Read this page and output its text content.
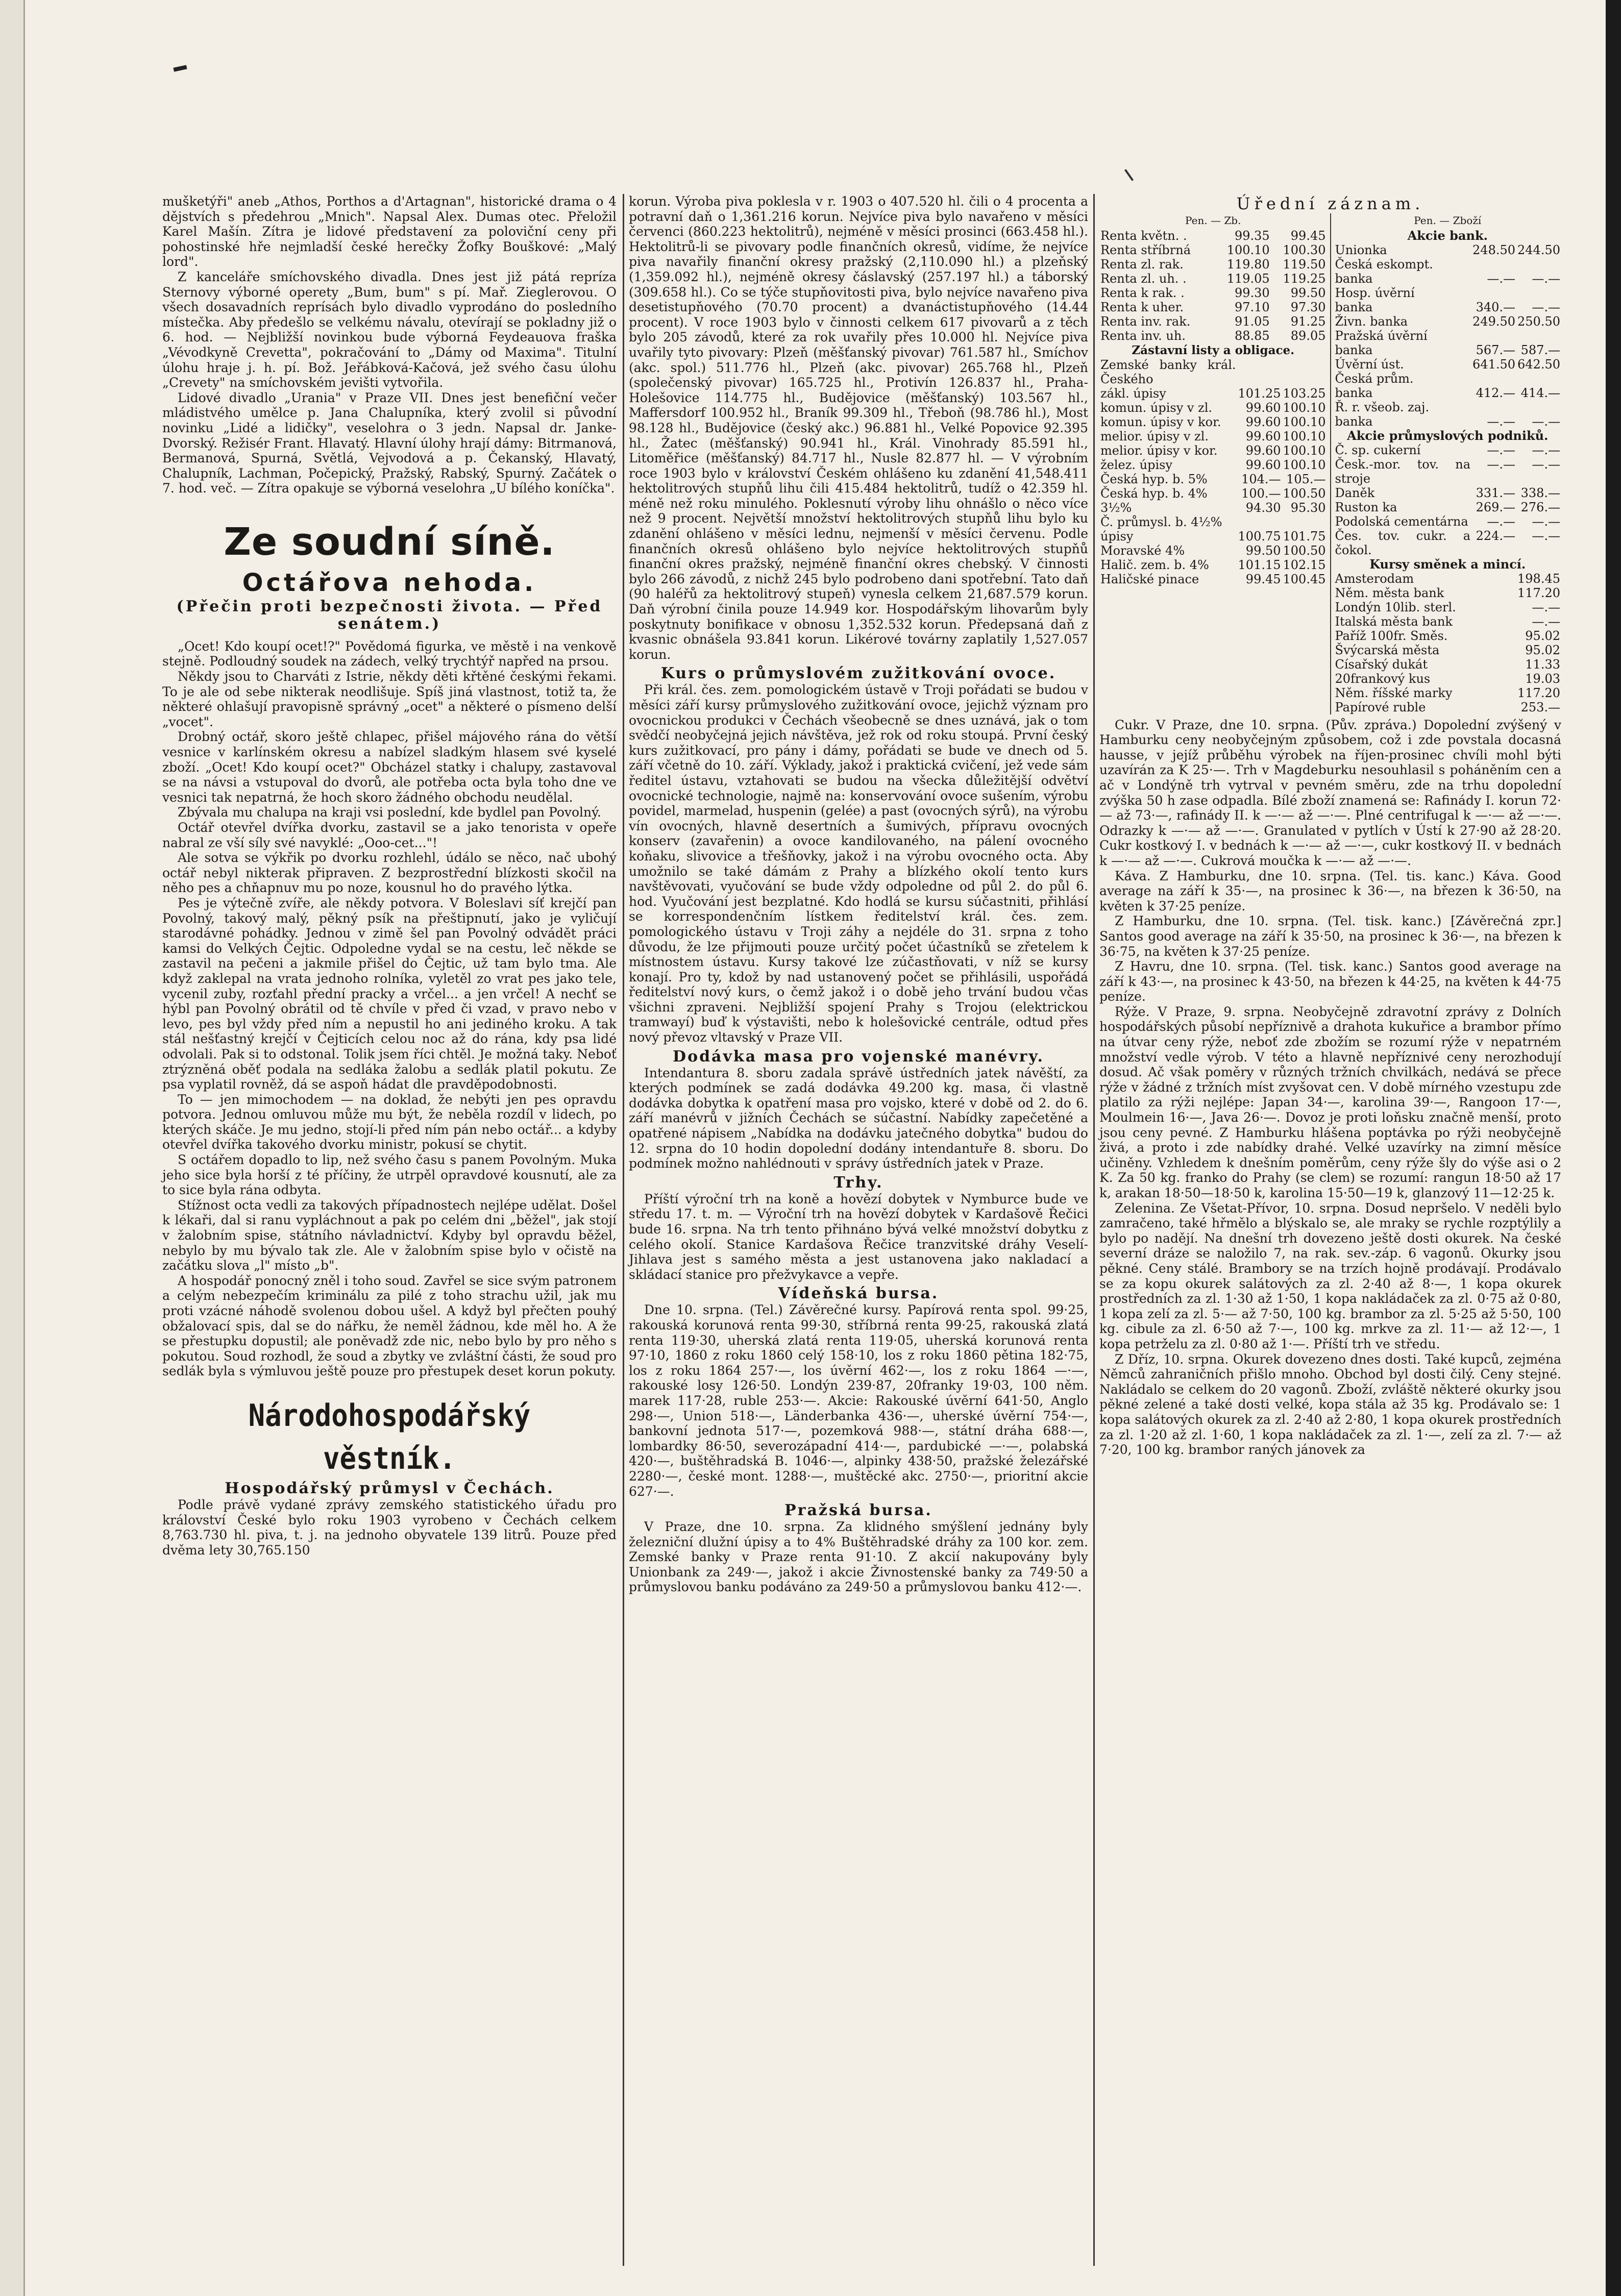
mušketýři" aneb „Athos, Porthos a d'Artagnan", historické drama o 4 dějstvích s předehrou „Mnich". Napsal Alex. Dumas otec. Přeložil Karel Mašín. Zítra je lidové představení za poloviční ceny při pohostinské hře nejmladší české herečky Žofky Bouškové: „Malý lord".

Z kanceláře smíchovského divadla. Dnes jest již pátá repríza Sternovy výborné operety „Bum, bum" s pí. Mař. Zieglerovou. O všech dosavadních reprísách bylo divadlo vyprodáno do posledního místečka. Aby předešlo se velkému návalu, otevírají se pokladny již o 6. hod. — Nejbližší novinkou bude výborná Feydeauova fraška „Vévodkyně Crevetta", pokračování to „Dámy od Maxima". Titulní úlohu hraje j. h. pí. Bož. Jeřábková-Kačová, jež svého času úlohu „Crevety" na smíchovském jevišti vytvořila.

Lidové divadlo „Urania" v Praze VII. Dnes jest benefiční večer mládistvého umělce p. Jana Chalupníka, který zvolil si původní novinku „Lidé a lidičky", veselohra o 3 jedn. Napsal dr. Janke-Dvorský. Režisér Frant. Hlavatý. Hlavní úlohy hrají dámy: Bitrmanová, Bermanová, Spurná, Světlá, Vejvodová a p. Čekanský, Hlavatý, Chalupník, Lachman, Počepický, Pražský, Rabský, Spurný. Začátek o 7. hod. več. — Zítra opakuje se výborná veselohra „U bílého koníčka".

Ze soudní síně.
Octářova nehoda.
(Přečin proti bezpečnosti života. — Před senátem.)

„Ocet! Kdo koupí ocet!?" Povědomá figurka, ve městě i na venkově stejně. Podloudný soudek na zádech, velký trychtýř napřed na prsou.

Někdy jsou to Charváti z Istrie, někdy děti křtěné českými řekami. To je ale od sebe nikterak neodlišuje. Spíš jiná vlastnost, totiž ta, že některé ohlašují pravopisně správný „ocet" a některé o písmeno delší „vocet".

Drobný octář, skoro ještě chlapec, přišel májového rána do větší vesnice v karlínském okresu a nabízel sladkým hlasem své kyselé zboží. „Ocet! Kdo koupí ocet?" Obcházel statky i chalupy, zastavoval se na návsi a vstupoval do dvorů, ale potřeba octa byla toho dne ve vesnici tak nepatrná, že hoch skoro žádného obchodu neudělal.

Zbývala mu chalupa na kraji vsi poslední, kde bydlel pan Povolný.

Octář otevřel dvířka dvorku, zastavil se a jako tenorista v opeře nabral ze vší síly své navyklé: „Ooo-cet..."!

Ale sotva se výkřik po dvorku rozhlehl, údálo se něco, nač ubohý octář nebyl nikterak připraven. Z bezprostřední blízkosti skočil na něho pes a chňapnuv mu po noze, kousnul ho do pravého lýtka.

Pes je výtečně zvíře, ale někdy potvora. V Boleslavi síť krejčí pan Povolný, takový malý, pěkný psík na přeštipnutí, jako je vyličují starodávné pohádky. Jednou v zimě šel pan Povolný odvádět práci kamsi do Velkých Čejtic. Odpoledne vydal se na cestu, leč někde se zastavil na pečeni a jakmile přišel do Čejtic, už tam bylo tma. Ale když zaklepal na vrata jednoho rolníka, vyletěl zo vrat pes jako tele, vycenil zuby, rozťahl přední pracky a vrčel... a jen vrčel! A nechť se hýbl pan Povolný obrátil od tě chvíle v před či vzad, v pravo nebo v levo, pes byl vždy před ním a nepustil ho ani jediného kroku. A tak stál nešťastný krejčí v Čejticích celou noc až do rána, kdy psa lidé odvolali. Pak si to odstonal. Tolik jsem říci chtěl. Je možná taky. Neboť ztrýzněná oběť podala na sedláka žalobu a sedlák platil pokutu. Ze psa vyplatil rovněž, dá se aspoň hádat dle pravděpodobnosti.

To — jen mimochodem — na doklad, že nebýti jen pes opravdu potvora. Jednou omluvou může mu být, že neběla rozdíl v lidech, po kterých skáče. Je mu jedno, stojí-li před ním pán nebo octář... a kdyby otevřel dvířka takového dvorku ministr, pokusí se chytit.

S octářem dopadlo to lip, než svého času s panem Povolným. Muka jeho sice byla horší z té příčiny, že utrpěl opravdové kousnutí, ale za to sice byla rána odbyta.

Stížnost octa vedli za takových případnostech nejlépe udělat. Došel k lékaři, dal si ranu vypláchnout a pak po celém dni „běžel", jak stojí v žalobním spise, státního návladnictví. Kdyby byl opravdu běžel, nebylo by mu bývalo tak zle. Ale v žalobním spise bylo v očistě na začátku slova „l" místo „b".

A hospodář ponocný zněl i toho soud. Zavřel se sice svým patronem a celým nebezpečím kriminálu za pilé z toho strachu užil, jak mu proti vzácné náhodě svolenou dobou ušel. A když byl přečten pouhý obžalovací spis, dal se do nářku, že neměl žádnou, kde měl ho. A že se přestupku dopustil; ale poněvadž zde nic, nebo bylo by pro něho s pokutou. Soud rozhodl, že soud a zbytky ve zvláštní části, že soud pro sedlák byla s výmluvou ještě pouze pro přestupek deset korun pokuty.

Národohospodářský věstník.
Hospodářský průmysl v Čechách.

Podle právě vydané zprávy zemského statistického úřadu pro království České bylo roku 1903 vyrobeno v Čechách celkem 8,763.730 hl. piva, t. j. na jednoho obyvatele 139 litrů. Pouze před dvěma lety 30,765.150

korun. Výroba piva poklesla v r. 1903 o 407.520 hl. čili o 4 procenta a potravní daň o 1,361.216 korun. Nejvíce piva bylo navařeno v měsíci červenci (860.223 hektolitrů), nejméně v měsíci prosinci (663.458 hl.). Hektolitrů-li se pivovary podle finančních okresů, vidíme, že nejvíce piva navařily finanční okresy pražský (2,110.090 hl.) a plzeňský (1,359.092 hl.), nejméně okresy čáslavský (257.197 hl.) a táborský (309.658 hl.). Co se týče stupňovitosti piva, bylo nejvíce navařeno piva desetistupňového (70.70 procent) a dvanáctistupňového (14.44 procent). V roce 1903 bylo v činnosti celkem 617 pivovarů a z těch bylo 205 závodů, které za rok uvařily přes 10.000 hl. Nejvíce piva uvařily tyto pivovary: Plzeň (měšťanský pivovar) 761.587 hl., Smíchov (akc. spol.) 511.776 hl., Plzeň (akc. pivovar) 265.768 hl., Plzeň (společenský pivovar) 165.725 hl., Protivín 126.837 hl., Praha-Holešovice 114.775 hl., Budějovice (měšťanský) 103.567 hl., Maffersdorf 100.952 hl., Braník 99.309 hl., Třeboň (98.786 hl.), Most 98.128 hl., Budějovice (český akc.) 96.881 hl., Velké Popovice 92.395 hl., Žatec (měšťanský) 90.941 hl., Král. Vinohrady 85.591 hl., Litoměřice (měšťanský) 84.717 hl., Nusle 82.877 hl. — V výrobním roce 1903 bylo v království Českém ohlášeno ku zdanění 41,548.411 hektolitrových stupňů lihu čili 415.484 hektolitrů, tudíž o 42.359 hl. méně než roku minulého. Poklesnutí výroby lihu ohnášlo o něco více než 9 procent. Největší množství hektolitrových stupňů lihu bylo ku zdanění ohlášeno v měsíci lednu, nejmenší v měsíci červenu. Podle finančních okresů ohlášeno bylo nejvíce hektolitrových stupňů finanční okres pražský, nejméně finanční okres chebský. V činnosti bylo 266 závodů, z nichž 245 bylo podrobeno dani spotřební. Tato daň (90 haléřů za hektolitrový stupeň) vynesla celkem 21,687.579 korun. Daň výrobní činila pouze 14.949 kor. Hospodářským lihovarům byly poskytnuty bonifikace v obnosu 1,352.532 korun. Předepsaná daň z kvasnic obnášela 93.841 korun. Likérové továrny zaplatily 1,527.057 korun.

Kurs o průmyslovém zužitkování ovoce.

Při král. čes. zem. pomologickém ústavě v Troji pořádati se budou v měsíci září kursy průmyslového zužitkování ovoce, jejichž význam pro ovocnickou produkci v Čechách všeobecně se dnes uznává, jak o tom svědčí neobyčejná jejich návštěva, jež rok od roku stoupá. První český kurs zužitkovací, pro pány i dámy, pořádati se bude ve dnech od 5. září včetně do 10. září. Výklady, jakož i praktická cvičení, jež vede sám ředitel ústavu, vztahovati se budou na všecka důležitější odvětví ovocnické technologie, najmě na: konservování ovoce sušením, výrobu povidel, marmelad, huspenin (gelée) a past (ovocných sýrů), na výrobu vín ovocných, hlavně desertních a šumivých, přípravu ovocných konserv (zavařenin) a ovoce kandilovaného, na pálení ovocného koňaku, slivovice a třešňovky, jakož i na výrobu ovocného octa. Aby umožnilo se také dámám z Prahy a blízkého okolí tento kurs navštěvovati, vyučování se bude vždy odpoledne od půl 2. do půl 6. hod. Vyučování jest bezplatné. Kdo hodlá se kursu súčastniti, přihlásí se korrespondenčním lístkem ředitelství král. čes. zem. pomologického ústavu v Troji záhy a nejdéle do 31. srpna z toho důvodu, že lze přijmouti pouze určitý počet účastníků se zřetelem k místnostem ústavu. Kursy takové lze zúčastňovati, v níž se kursy konají. Pro ty, kdož by nad ustanovený počet se přihlásili, uspořádá ředitelství nový kurs, o čemž jakož i o době jeho trvání budou včas všichni zpraveni. Nejbližší spojení Prahy s Trojou (elektrickou tramwayí) buď k výstavišti, nebo k holešovické centrále, odtud přes nový převoz vltavský v Praze VII.

Dodávka masa pro vojenské manévry.

Intendantura 8. sboru zadala správě ústředních jatek návěští, za kterých podmínek se zadá dodávka 49.200 kg. masa, či vlastně dodávka dobytka k opatření masa pro vojsko, které v době od 2. do 6. září manévrů v jižních Čechách se súčastní. Nabídky zapečetěné a opatřené nápisem „Nabídka na dodávku jatečného dobytka" budou do 12. srpna do 10 hodin dopolední dodány intendantuře 8. sboru. Do podmínek možno nahlédnouti v správy ústředních jatek v Praze.

Trhy.

Příští výroční trh na koně a hovězí dobytek v Nymburce bude ve středu 17. t. m. — Výroční trh na hovězí dobytek v Kardašově Řečici bude 16. srpna. Na trh tento přihnáno bývá velké množství dobytku z celého okolí. Stanice Kardašova Řečice tranzvitské dráhy Veselí-Jihlava jest s samého města a jest ustanovena jako nakladací a skládací stanice pro přežvykavce a vepře.

Vídeňská bursa.

Dne 10. srpna. (Tel.) Závěrečné kursy. Papírová renta spol. 99·25, rakouská korunová renta 99·30, stříbrná renta 99·25, rakouská zlatá renta 119·30, uherská zlatá renta 119·05, uherská korunová renta 97·10, 1860 z roku 1860 celý 158·10, los z roku 1860 pětina 182·75, los z roku 1864 257·—, los úvěrní 462·—, los z roku 1864 —·—, rakouské losy 126·50. Londýn 239·87, 20franky 19·03, 100 něm. marek 117·28, ruble 253·—. Akcie: Rakouské úvěrní 641·50, Anglo 298·—, Union 518·—, Länderbanka 436·—, uherské úvěrní 754·—, bankovní jednota 517·—, pozemková 988·—, státní dráha 688·—, lombardky 86·50, severozápadní 414·—, pardubické —·—, polabská 420·—, buštěhradská B. 1046·—, alpinky 438·50, pražské železářské 2280·—, české mont. 1288·—, muštěcké akc. 2750·—, prioritní akcie 627·—.

Pražská bursa.

V Praze, dne 10. srpna. Za klidného smýšlení jednány byly železniční dlužní úpisy a to 4% Buštěhradské dráhy za 100 kor. zem. Zemské banky v Praze renta 91·10. Z akcií nakupovány byly Unionbank za 249·—, jakož i akcie Živnostenské banky za 749·50 a průmyslovou banku podáváno za 249·50 a průmyslovou banku 412·—.

Úřední záznam.
Pen. — Zb.
Renta květn. .	99.35	99.45
Renta stříbrná	100.10	100.30
Renta zl. rak.	119.80	119.50
Renta zl. uh. .	119.05	119.25
Renta k rak. .	99.30	99.50
Renta k uher.	97.10	97.30
Renta inv. rak.	91.05	91.25
Renta inv. uh.	88.85	89.05
Zástavní listy a obligace.
Zemské banky král. Českého		
zákl. úpisy	101.25	103.25
komun. úpisy v zl.	99.60	100.10
komun. úpisy v kor.	99.60	100.10
melior. úpisy v zl.	99.60	100.10
melior. úpisy v kor.	99.60	100.10
želez. úpisy	99.60	100.10
Česká hyp. b. 5%	104.—	105.—
Česká hyp. b. 4%	100.—	100.50
3½%	94.30	95.30
Č. průmysl. b. 4½%		
úpisy	100.75	101.75
Moravské 4%	99.50	100.50
Halič. zem. b. 4%	101.15	102.15
Haličské pinace	99.45	100.45
Pen. — Zboží
Akcie bank.		
Unionka	248.50	244.50
Česká eskompt.		
banka	—.—	—.—
Hosp. úvěrní		
banka	340.—	—.—
Živn. banka	249.50	250.50
Pražská úvěrní		
banka	567.—	587.—
Úvěrní úst.	641.50	642.50
Česká prům.		
banka	412.—	414.—
Ř. r. všeob. zaj.		
banka	—.—	—.—
Akcie průmyslových podniků.		
Č. sp. cukerní	—.—	—.—
Česk.-mor. tov. na stroje	—.—	—.—
Daněk	331.—	338.—
Ruston ka	269.—	276.—
Podolská cementárna	—.—	—.—
Čes. tov. cukr. a čokol.	224.—	—.—
Kursy směnek a mincí.		
Amsterodam		198.45
Něm. města bank		117.20
Londýn 10lib. sterl.		—.—
Italská města bank		—.—
Paříž 100fr. Směs.		95.02
Švýcarská města		95.02
Císařský dukát		11.33
20frankový kus		19.03
Něm. říšské marky		117.20
Papírové ruble		253.—

Cukr. V Praze, dne 10. srpna. (Pův. zpráva.) Dopolední zvýšený v Hamburku ceny neobyčejným způsobem, což i zde povstala docasná hausse, v jejíž průběhu výrobek na říjen-prosinec chvíli mohl býti uzavírán za K 25·—. Trh v Magdeburku nesouhlasil s poháněním cen a ač v Londýně trh vytrval v pevném směru, zde na trhu dopolední zvýška 50 h zase odpadla. Bílé zboží znamená se: Rafinády I. korun 72·— až 73·—, rafinády II. k —·— až —·—. Plné centrifugal k —·— až —·—. Odrazky k —·— až —·—. Granulated v pytlích v Ústí k 27·90 až 28·20. Cukr kostkový I. v bednách k —·— až —·—, cukr kostkový II. v bednách k —·— až —·—. Cukrová moučka k —·— až —·—.

Káva. Z Hamburku, dne 10. srpna. (Tel. tis. kanc.) Káva. Good average na září k 35·—, na prosinec k 36·—, na březen k 36·50, na květen k 37·25 peníze.

Z Hamburku, dne 10. srpna. (Tel. tisk. kanc.) [Závěrečná zpr.] Santos good average na září k 35·50, na prosinec k 36·—, na březen k 36·75, na květen k 37·25 peníze.

Z Havru, dne 10. srpna. (Tel. tisk. kanc.) Santos good average na září k 43·—, na prosinec k 43·50, na březen k 44·25, na květen k 44·75 peníze.

Rýže. V Praze, 9. srpna. Neobyčejně zdravotní zprávy z Dolních hospodářských působí nepříznivě a drahota kukuřice a brambor přímo na útvar ceny rýže, neboť zde zbožím se rozumí rýže v nepatrném množství vedle výrob. V této a hlavně nepříznivé ceny nerozhodují dosud. Ač však poměry v různých tržních chvilkách, nedává se přece rýže v žádné z tržních míst zvyšovat cen. V době mírného vzestupu zde platilo za rýži nejlépe: Japan 34·—, karolina 39·—, Rangoon 17·—, Moulmein 16·—, Java 26·—. Dovoz je proti loňsku značně menší, proto jsou ceny pevné. Z Hamburku hlášena poptávka po rýži neobyčejně živá, a proto i zde nabídky drahé. Velké uzavírky na zimní měsíce učiněny. Vzhledem k dnešním poměrům, ceny rýže šly do výše asi o 2 K. Za 50 kg. franko do Prahy (se clem) se rozumí: rangun 18·50 až 17 k, arakan 18·50—18·50 k, karolina 15·50—19 k, glanzový 11—12·25 k.

Zelenina. Ze Všetat-Přívor, 10. srpna. Dosud nepršelo. V neděli bylo zamračeno, také hřmělo a blýskalo se, ale mraky se rychle rozptýlily a bylo po nadějí. Na dnešní trh dovezeno ještě dosti okurek. Na české severní dráze se naložilo 7, na rak. sev.-záp. 6 vagonů. Okurky jsou pěkné. Ceny stálé. Brambory se na trzích hojně prodávají. Prodávalo se za kopu okurek salátových za zl. 2·40 až 8·—, 1 kopa okurek prostředních za zl. 1·30 až 1·50, 1 kopa nakládaček za zl. 0·75 až 0·80, 1 kopa zelí za zl. 5·— až 7·50, 100 kg. brambor za zl. 5·25 až 5·50, 100 kg. cibule za zl. 6·50 až 7·—, 100 kg. mrkve za zl. 11·— až 12·—, 1 kopa petrželu za zl. 0·80 až 1·—. Příští trh ve středu.

Z Dříz, 10. srpna. Okurek dovezeno dnes dosti. Také kupců, zejména Němců zahraničních přišlo mnoho. Obchod byl dosti čilý. Ceny stejné. Nakládalo se celkem do 20 vagonů. Zboží, zvláště některé okurky jsou pěkné zelené a také dosti velké, kopa stála až 35 kg. Prodávalo se: 1 kopa salátových okurek za zl. 2·40 až 2·80, 1 kopa okurek prostředních za zl. 1·20 až zl. 1·60, 1 kopa nakládaček za zl. 1·—, zelí za zl. 7·— až 7·20, 100 kg. brambor raných jánovek za
